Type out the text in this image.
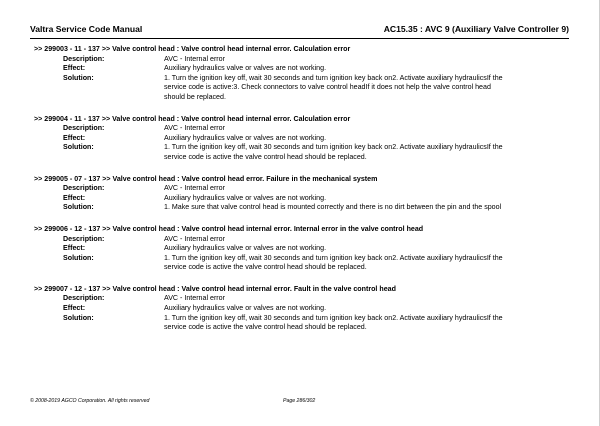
Valtra Service Code Manual	AC15.35 : AVC 9 (Auxiliary Valve Controller 9)
>> 299003 - 11 - 137 >> Valve control head : Valve control head internal error. Calculation error
Description:	AVC - Internal error
Effect:	Auxiliary hydraulics valve or valves are not working.
Solution:	1. Turn the ignition key off, wait 30 seconds and turn ignition key back on2. Activate auxiliary hydraulicsIf the
service code is active:3. Check connectors to valve control headIf it does not help the valve control head
should be replaced.
>> 299004 - 11 - 137 >> Valve control head : Valve control head internal error. Calculation error
Description:	AVC - Internal error
Effect:	Auxiliary hydraulics valve or valves are not working.
Solution:	1. Turn the ignition key off, wait 30 seconds and turn ignition key back on2. Activate auxiliary hydraulicsIf the
service code is active the valve control head should be replaced.
>> 299005 - 07 - 137 >> Valve control head : Valve control head error. Failure in the mechanical system
Description:	AVC - Internal error
Effect:	Auxiliary hydraulics valve or valves are not working.
Solution:	1. Make sure that valve control head is mounted correctly and there is no dirt between the pin and the spool
>> 299006 - 12 - 137 >> Valve control head : Valve control head internal error. Internal error in the valve control head
Description:	AVC - Internal error
Effect:	Auxiliary hydraulics valve or valves are not working.
Solution:	1. Turn the ignition key off, wait 30 seconds and turn ignition key back on2. Activate auxiliary hydraulicsIf the
service code is active the valve control head should be replaced.
>> 299007 - 12 - 137 >> Valve control head : Valve control head internal error. Fault in the valve control head
Description:	AVC - Internal error
Effect:	Auxiliary hydraulics valve or valves are not working.
Solution:	1. Turn the ignition key off, wait 30 seconds and turn ignition key back on2. Activate auxiliary hydraulicsIf the
service code is active the valve control head should be replaced.
© 2008-2019 AGCO Corporation. All rights reserved	Page 286/302
